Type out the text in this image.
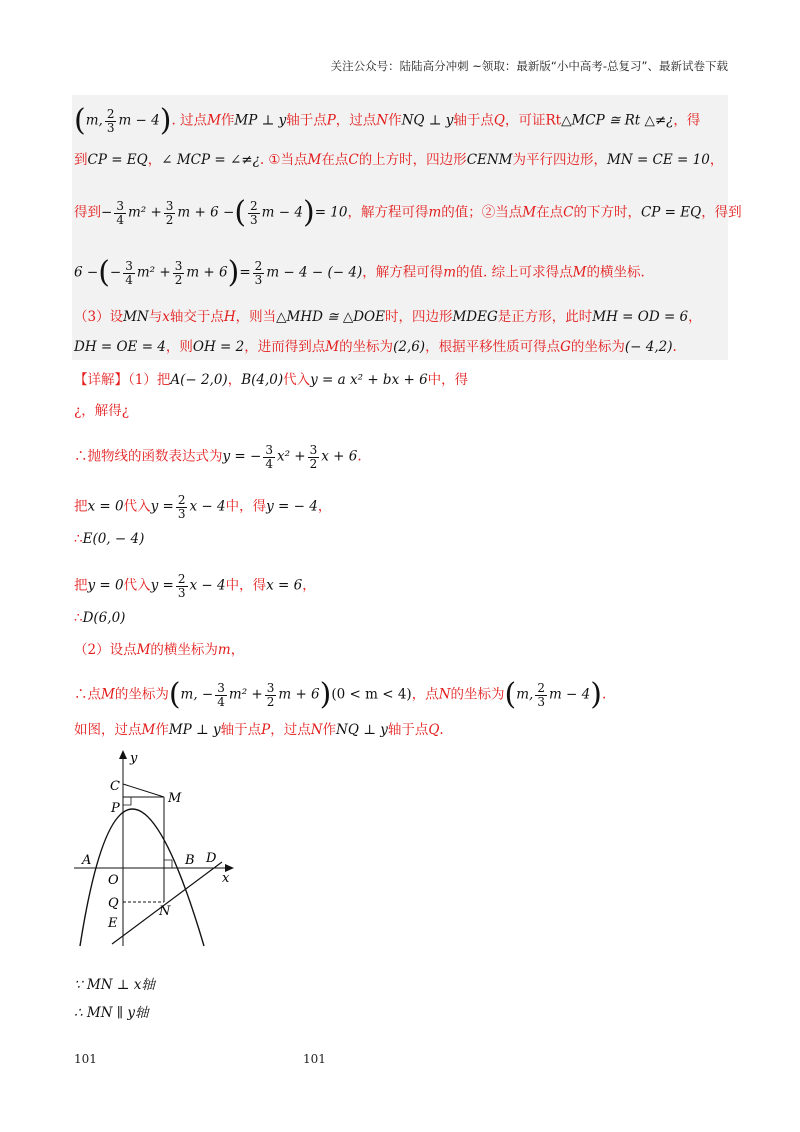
关注公众号：陆陆高分冲刺 ~领取：最新版“小中高考-总复习”、最新试卷下载
(m, $\frac{2}{3}$ m − 4). 过点M作MP ⊥ y轴于点P，过点N作NQ ⊥ y轴于点Q，可证Rt△MCP ≅ Rt △≠¿，得
到CP = EQ，∠ MCP = ∠≠¿. ①当点M在点C的上方时，四边形CENM为平行四边形，MN = CE = 10，
得到− $\frac{3}{4} m^2 + \frac{3}{2}$ m + 6 −( $\frac{2}{3}$ m − 4)= 10，解方程可得m的值；②当点M在点C的下方时，CP = EQ，得到
6 −(− $\frac{3}{4} m^2 + \frac{3}{2}$ $m + 6)= \frac{2}{3}$ m − 4 − (− 4)，解方程可得m的值. 综上可求得点M的横坐标.
（3）设MN与x轴交于点H，则当△MHD ≅ △DOE时，四边形MDEG是正方形，此时MH = OD = 6，
DH = OE = 4，则OH = 2，进而得到点M的坐标为(2,6)，根据平移性质可得点G的坐标为(− 4,2).
【详解】（1）把A(− 2,0)，B(4,0)代入y = a x² + bx + 6中，得
¿，解得¿
∴抛物线的函数表达式为y = − $\frac{3}{4} x^2 + \frac{3}{2}$ x + 6.
把x = 0代入$y = \frac{2}{3}$ x − 4中，得y = − 4，
∴E(0, − 4)
把y = 0代入$y = \frac{2}{3}$ x − 4中，得x = 6，
∴D(6,0)
（2）设点M的横坐标为m，
∴点M的坐标为(m, − $\frac{3}{4} m^2 + \frac{3}{2}$ m + 6)(0 < m < 4)，点N的坐标为(m, $\frac{2}{3}$ m − 4).
如图，过点M作MP ⊥ y轴于点P，过点N作NQ ⊥ y轴于点Q.
y
x
C
M
P
A	B D
O
Q
N
E
∵ MN ⊥ x轴
∴ MN ∥ y轴
101	101
